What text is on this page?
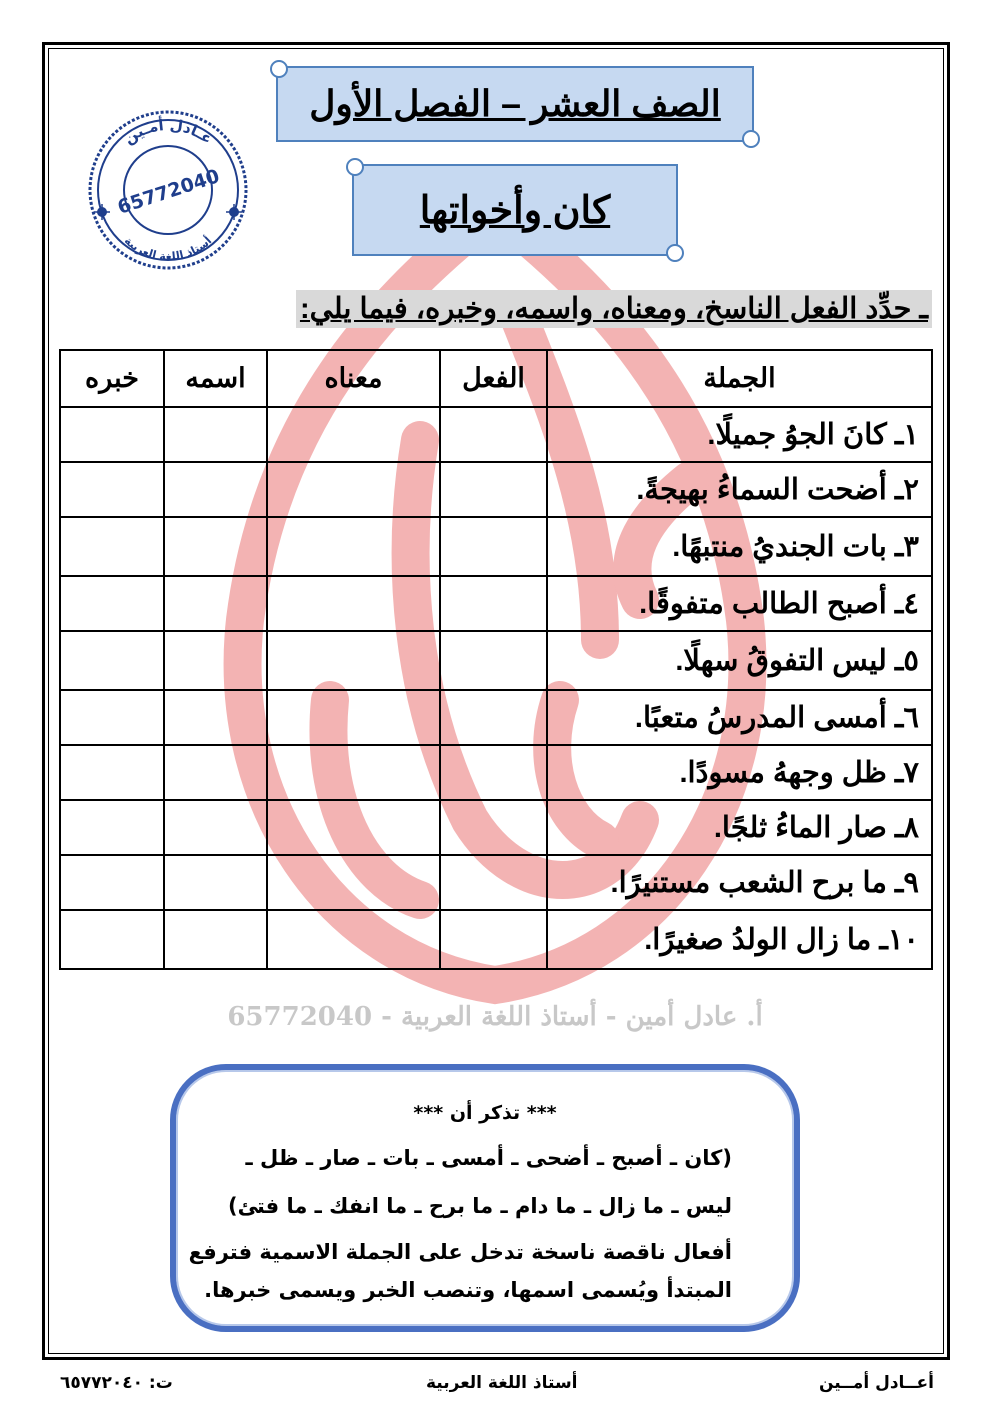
الصف العشر – الفصل الأول
كان وأخواتها
عـادل أمـين
أستاذ اللغة العربية
65772040
ـ حدِّد الفعل الناسخ، ومعناه، واسمه، وخبره، فيما يلي:
الجملة	الفعل	معناه	اسمه	خبره
١ـ كانَ الجوُ جميلًا.				
٢ـ أضحت السماءُ بهيجةً.				
٣ـ بات الجنديُ منتبهًا.				
٤ـ أصبح الطالب متفوقًا.				
٥ـ ليس التفوقُ سهلًا.				
٦ـ أمسى المدرسُ متعبًا.				
٧ـ ظل وجههُ مسودًا.				
٨ـ صار الماءُ ثلجًا.				
٩ـ ما برح الشعب مستنيرًا.				
١٠ـ ما زال الولدُ صغيرًا.				
أ. عادل أمين - أستاذ اللغة العربية - 65772040
*** تذكر أن ***
(كان ـ أصبح ـ أضحى ـ أمسى ـ بات ـ صار ـ ظل ـ
ليس ـ ما زال ـ ما دام ـ ما برح ـ ما انفك ـ ما فتئ)
أفعال ناقصة ناسخة تدخل على الجملة الاسمية فترفع
المبتدأ ويُسمى اسمها، وتنصب الخبر ويسمى خبرها.
أعــادل أمــين
أستاذ اللغة العربية
ت: ٦٥٧٧٢٠٤٠
